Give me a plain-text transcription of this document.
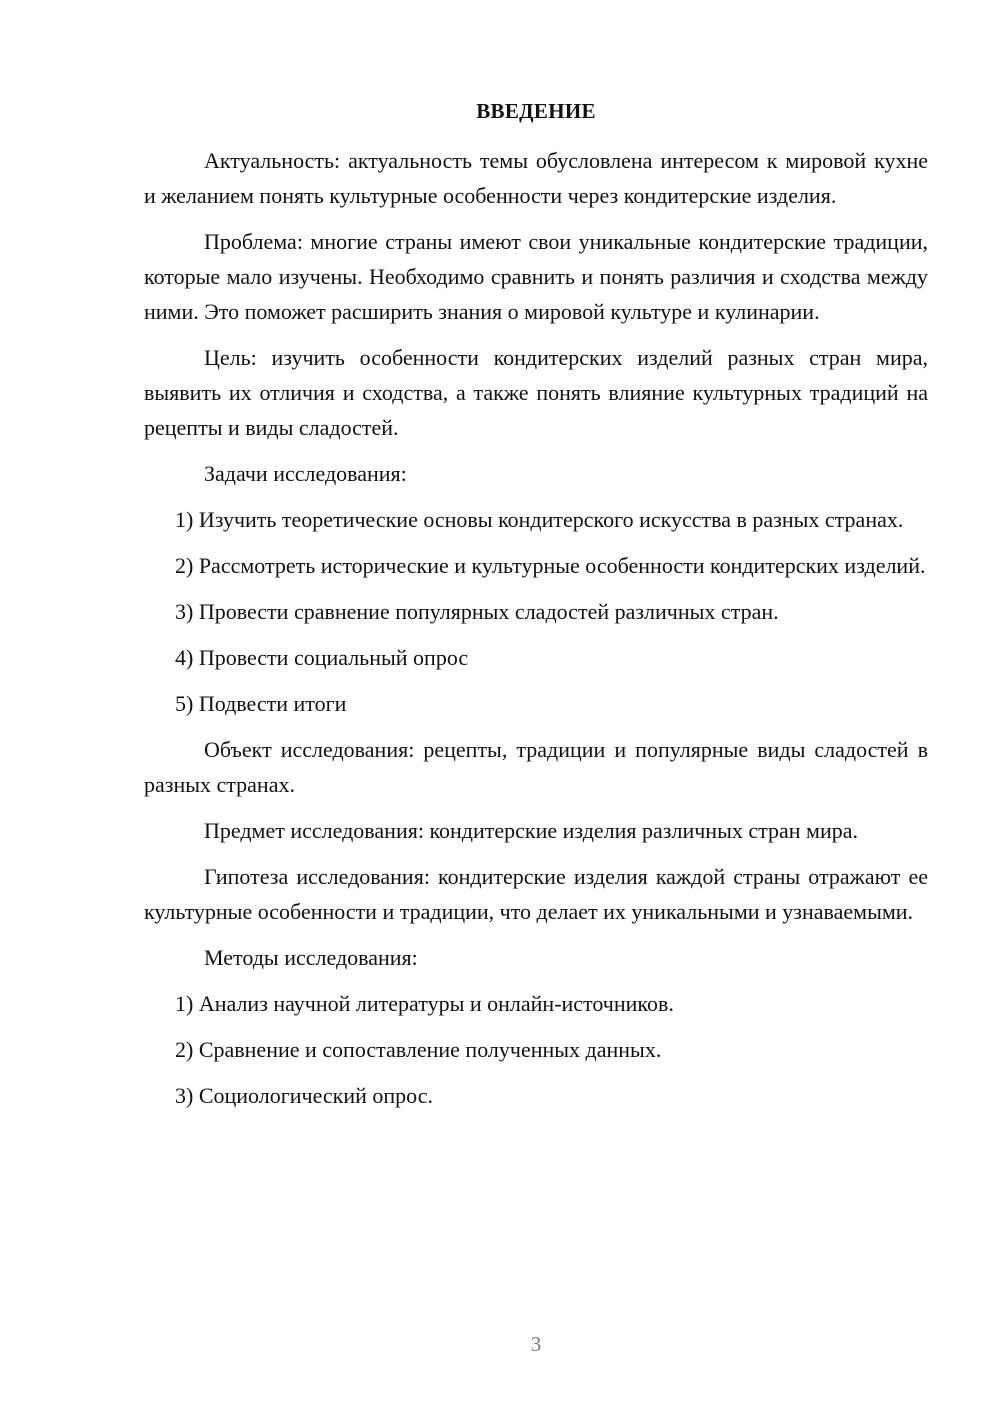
ВВЕДЕНИЕ

Актуальность: актуальность темы обусловлена интересом к мировой кухне и желанием понять культурные особенности через кондитерские изделия.

Проблема: многие страны имеют свои уникальные кондитерские традиции, которые мало изучены. Необходимо сравнить и понять различия и сходства между ними. Это поможет расширить знания о мировой культуре и кулинарии.

Цель: изучить особенности кондитерских изделий разных стран мира, выявить их отличия и сходства, а также понять влияние культурных традиций на рецепты и виды сладостей.

Задачи исследования:

1) Изучить теоретические основы кондитерского искусства в разных странах.

2) Рассмотреть исторические и культурные особенности кондитерских изделий.

3) Провести сравнение популярных сладостей различных стран.

4) Провести социальный опрос

5) Подвести итоги

Объект исследования: рецепты, традиции и популярные виды сладостей в разных странах.

Предмет исследования: кондитерские изделия различных стран мира.

Гипотеза исследования: кондитерские изделия каждой страны отражают ее культурные особенности и традиции, что делает их уникальными и узнаваемыми.

Методы исследования:

1) Анализ научной литературы и онлайн-источников.

2) Сравнение и сопоставление полученных данных.

3) Социологический опрос.

3
